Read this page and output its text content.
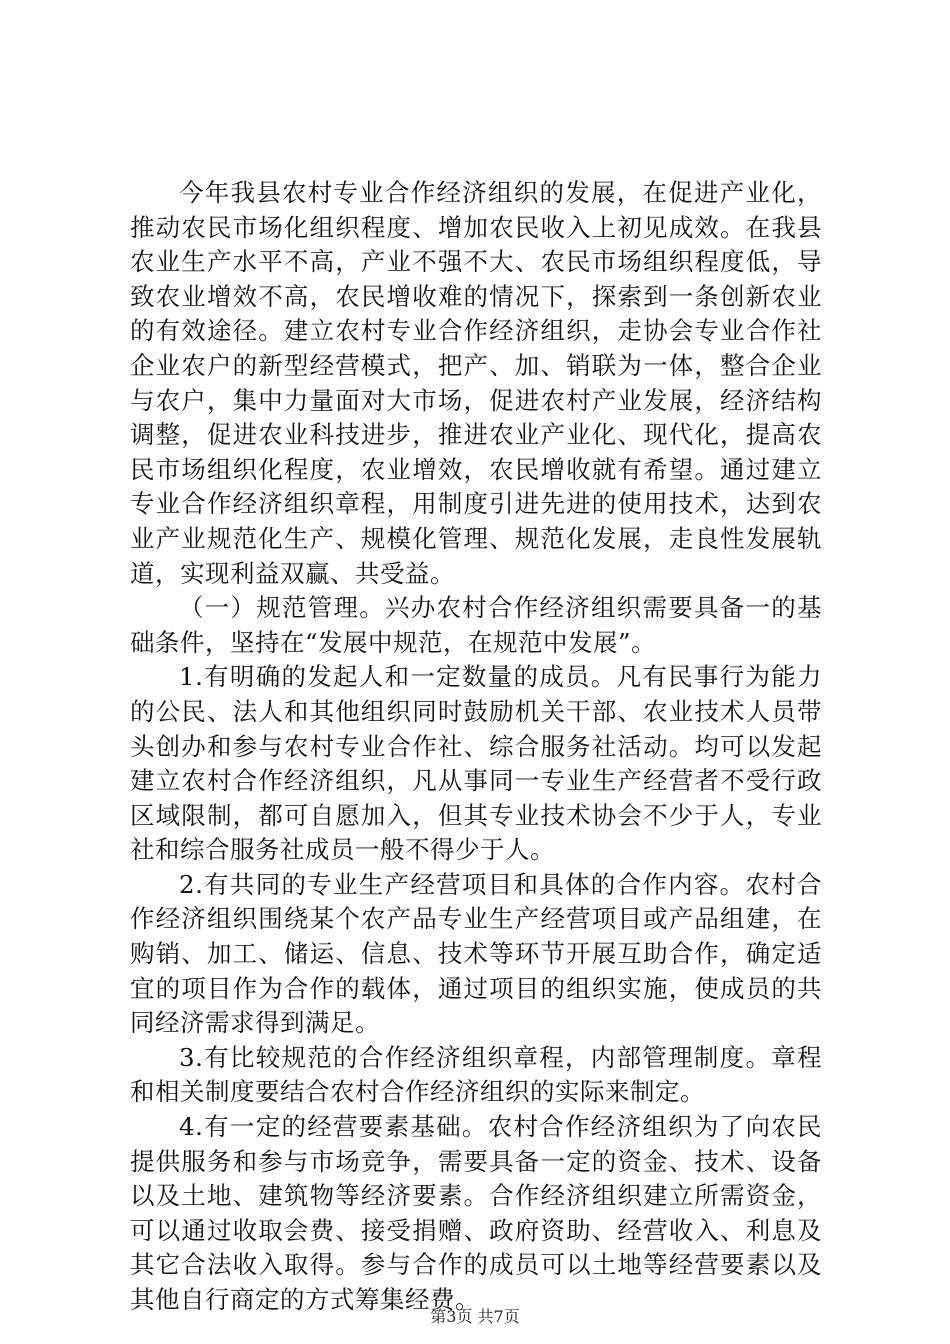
今年我县农村专业合作经济组织的发展，在促进产业化，推动农民市场化组织程度、增加农民收入上初见成效。在我县农业生产水平不高，产业不强不大、农民市场组织程度低，导致农业增效不高，农民增收难的情况下，探索到一条创新农业的有效途径。建立农村专业合作经济组织，走协会专业合作社企业农户的新型经营模式，把产、加、销联为一体，整合企业与农户，集中力量面对大市场，促进农村产业发展，经济结构调整，促进农业科技进步，推进农业产业化、现代化，提高农民市场组织化程度，农业增效，农民增收就有希望。通过建立专业合作经济组织章程，用制度引进先进的使用技术，达到农业产业规范化生产、规模化管理、规范化发展，走良性发展轨道，实现利益双赢、共受益。

（一）规范管理。兴办农村合作经济组织需要具备一的基础条件，坚持在“发展中规范，在规范中发展”。

1.有明确的发起人和一定数量的成员。凡有民事行为能力的公民、法人和其他组织同时鼓励机关干部、农业技术人员带头创办和参与农村专业合作社、综合服务社活动。均可以发起建立农村合作经济组织，凡从事同一专业生产经营者不受行政区域限制，都可自愿加入，但其专业技术协会不少于人，专业社和综合服务社成员一般不得少于人。

2.有共同的专业生产经营项目和具体的合作内容。农村合作经济组织围绕某个农产品专业生产经营项目或产品组建，在购销、加工、储运、信息、技术等环节开展互助合作，确定适宜的项目作为合作的载体，通过项目的组织实施，使成员的共同经济需求得到满足。

3.有比较规范的合作经济组织章程，内部管理制度。章程和相关制度要结合农村合作经济组织的实际来制定。

4.有一定的经营要素基础。农村合作经济组织为了向农民提供服务和参与市场竞争，需要具备一定的资金、技术、设备以及土地、建筑物等经济要素。合作经济组织建立所需资金，可以通过收取会费、接受捐赠、政府资助、经营收入、利息及其它合法收入取得。参与合作的成员可以土地等经营要素以及其他自行商定的方式筹集经费。

第3页 共7页
